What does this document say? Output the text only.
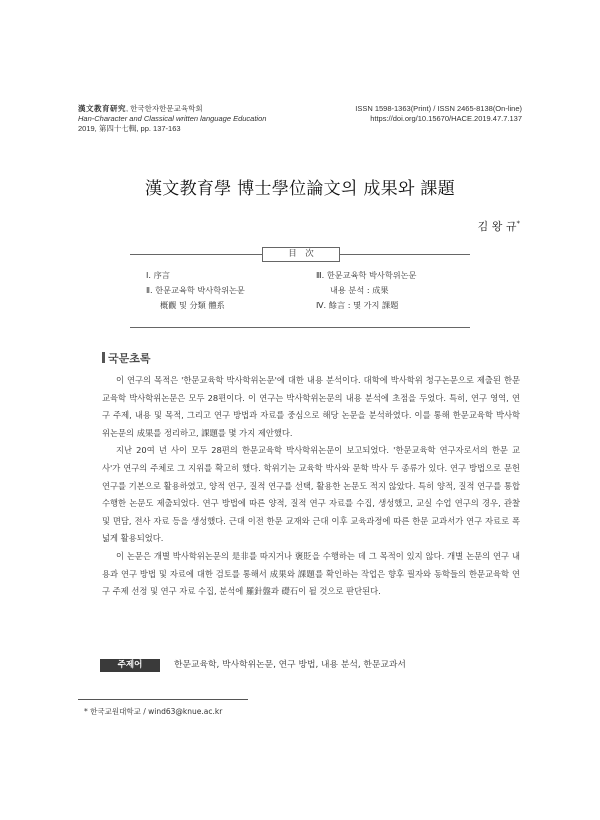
漢文教育研究, 한국한자한문교육학회
Han-Character and Classical written language Education
2019, 第四十七輯, pp. 137-163
ISSN 1598-1363(Print) / ISSN 2465-8138(On-line)
https://doi.org/10.15670/HACE.2019.47.7.137
漢文教育學 博士學位論文의 成果와 課題
김 왕 규*
目　次
Ⅰ. 序言
Ⅱ. 한문교육학 박사학위논문
概觀 및 分類 體系
Ⅲ. 한문교육학 박사학위논문
내용 분석 : 成果
Ⅳ. 餘言 : 몇 가지 課題
국문초록

이 연구의 목적은 '한문교육학 박사학위논문'에 대한 내용 분석이다. 대학에 박사학위 청구논문으로 제출된 한문교육학 박사학위논문은 모두 28편이다. 이 연구는 박사학위논문의 내용 분석에 초점을 두었다. 특히, 연구 영역, 연구 주제, 내용 및 목적, 그리고 연구 방법과 자료를 중심으로 해당 논문을 분석하였다. 이를 통해 한문교육학 박사학위논문의 成果를 정리하고, 課題를 몇 가지 제안했다.

지난 20여 년 사이 모두 28편의 한문교육학 박사학위논문이 보고되었다. '한문교육학 연구자로서의 한문 교사'가 연구의 주체로 그 지위를 확고히 했다. 학위기는 교육학 박사와 문학 박사 두 종류가 있다. 연구 방법으로 문헌 연구를 기본으로 활용하였고, 양적 연구, 질적 연구를 선택, 활용한 논문도 적지 않았다. 특히 양적, 질적 연구를 통합 수행한 논문도 제출되었다. 연구 방법에 따른 양적, 질적 연구 자료를 수집, 생성했고, 교실 수업 연구의 경우, 관찰 및 면담, 전사 자료 등을 생성했다. 근대 이전 한문 교재와 근대 이후 교육과정에 따른 한문 교과서가 연구 자료로 폭넓게 활용되었다.

이 논문은 개별 박사학위논문의 是非를 따지거나 褒貶을 수행하는 데 그 목적이 있지 않다. 개별 논문의 연구 내용과 연구 방법 및 자료에 대한 검토를 통해서 成果와 課題를 확인하는 작업은 향후 필자와 동학들의 한문교육학 연구 주제 선정 및 연구 자료 수집, 분석에 羅針盤과 礎石이 될 것으로 판단된다.

주제어	한문교육학, 박사학위논문, 연구 방법, 내용 분석, 한문교과서
* 한국교원대학교 / wind63@knue.ac.kr
